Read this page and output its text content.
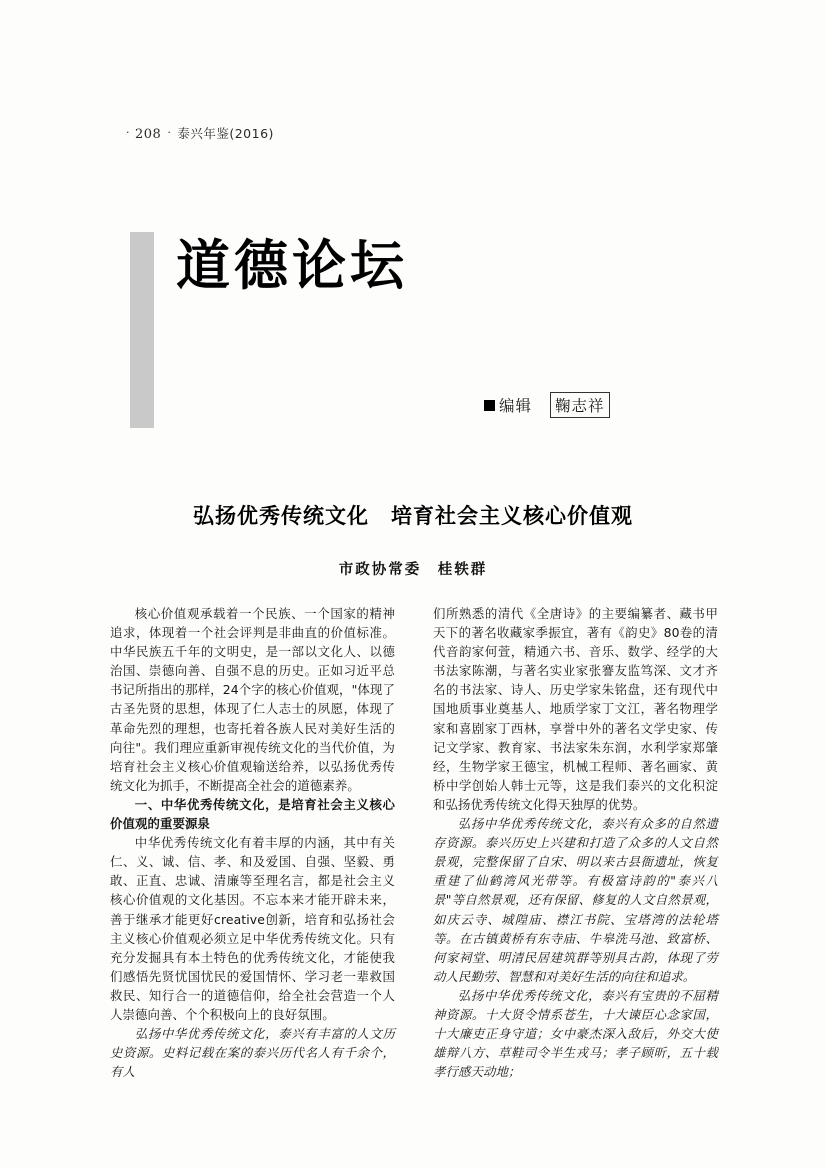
· 208 · 泰兴年鉴(2016)
道德论坛
编辑	鞠志祥
弘扬优秀传统文化　培育社会主义核心价值观
市政协常委　桂轶群

核心价值观承载着一个民族、一个国家的精神追求，体现着一个社会评判是非曲直的价值标准。中华民族五千年的文明史，是一部以文化人、以德治国、崇德向善、自强不息的历史。正如习近平总书记所指出的那样，24个字的核心价值观，"体现了古圣先贤的思想，体现了仁人志士的夙愿，体现了革命先烈的理想，也寄托着各族人民对美好生活的向往"。我们理应重新审视传统文化的当代价值，为培育社会主义核心价值观输送给养，以弘扬优秀传统文化为抓手，不断提高全社会的道德素养。

一、中华优秀传统文化，是培育社会主义核心价值观的重要源泉

中华优秀传统文化有着丰厚的内涵，其中有关仁、义、诚、信、孝、和及爱国、自强、坚毅、勇敢、正直、忠诚、清廉等至理名言，都是社会主义核心价值观的文化基因。不忘本来才能开辟未来，善于继承才能更好creative创新，培育和弘扬社会主义核心价值观必须立足中华优秀传统文化。只有充分发掘具有本土特色的优秀传统文化，才能使我们感悟先贤忧国忧民的爱国情怀、学习老一辈救国救民、知行合一的道德信仰，给全社会营造一个人人崇德向善、个个积极向上的良好氛围。

弘扬中华优秀传统文化，泰兴有丰富的人文历史资源。史料记载在案的泰兴历代名人有千余个，有人

们所熟悉的清代《全唐诗》的主要编纂者、藏书甲天下的著名收藏家季振宜，著有《韵史》80卷的清代音韵家何萱，精通六书、音乐、数学、经学的大书法家陈潮，与著名实业家张謇友监笃深、文才齐名的书法家、诗人、历史学家朱铭盘，还有现代中国地质事业奠基人、地质学家丁文江，著名物理学家和喜剧家丁西林，享誉中外的著名文学史家、传记文学家、教育家、书法家朱东润，水利学家郑肇经，生物学家王德宝，机械工程师、著名画家、黄桥中学创始人韩士元等，这是我们泰兴的文化积淀和弘扬优秀传统文化得天独厚的优势。

弘扬中华优秀传统文化，泰兴有众多的自然遗存资源。泰兴历史上兴建和打造了众多的人文自然景观，完整保留了自宋、明以来古县衙遗址，恢复重建了仙鹤湾风光带等。有极富诗韵的"泰兴八景"等自然景观，还有保留、修复的人文自然景观，如庆云寺、城隍庙、襟江书院、宝塔湾的法轮塔等。在古镇黄桥有东寺庙、牛皋洗马池、致富桥、何家祠堂、明清民居建筑群等别具古韵，体现了劳动人民勤劳、智慧和对美好生活的向往和追求。

弘扬中华优秀传统文化，泰兴有宝贵的不屈精神资源。十大贤令情系苍生，十大谏臣心念家国，十大廉吏正身守道；女中豪杰深入敌后，外交大使雄辩八方、草鞋司令半生戎马；孝子顾昕，五十载孝行感天动地；
